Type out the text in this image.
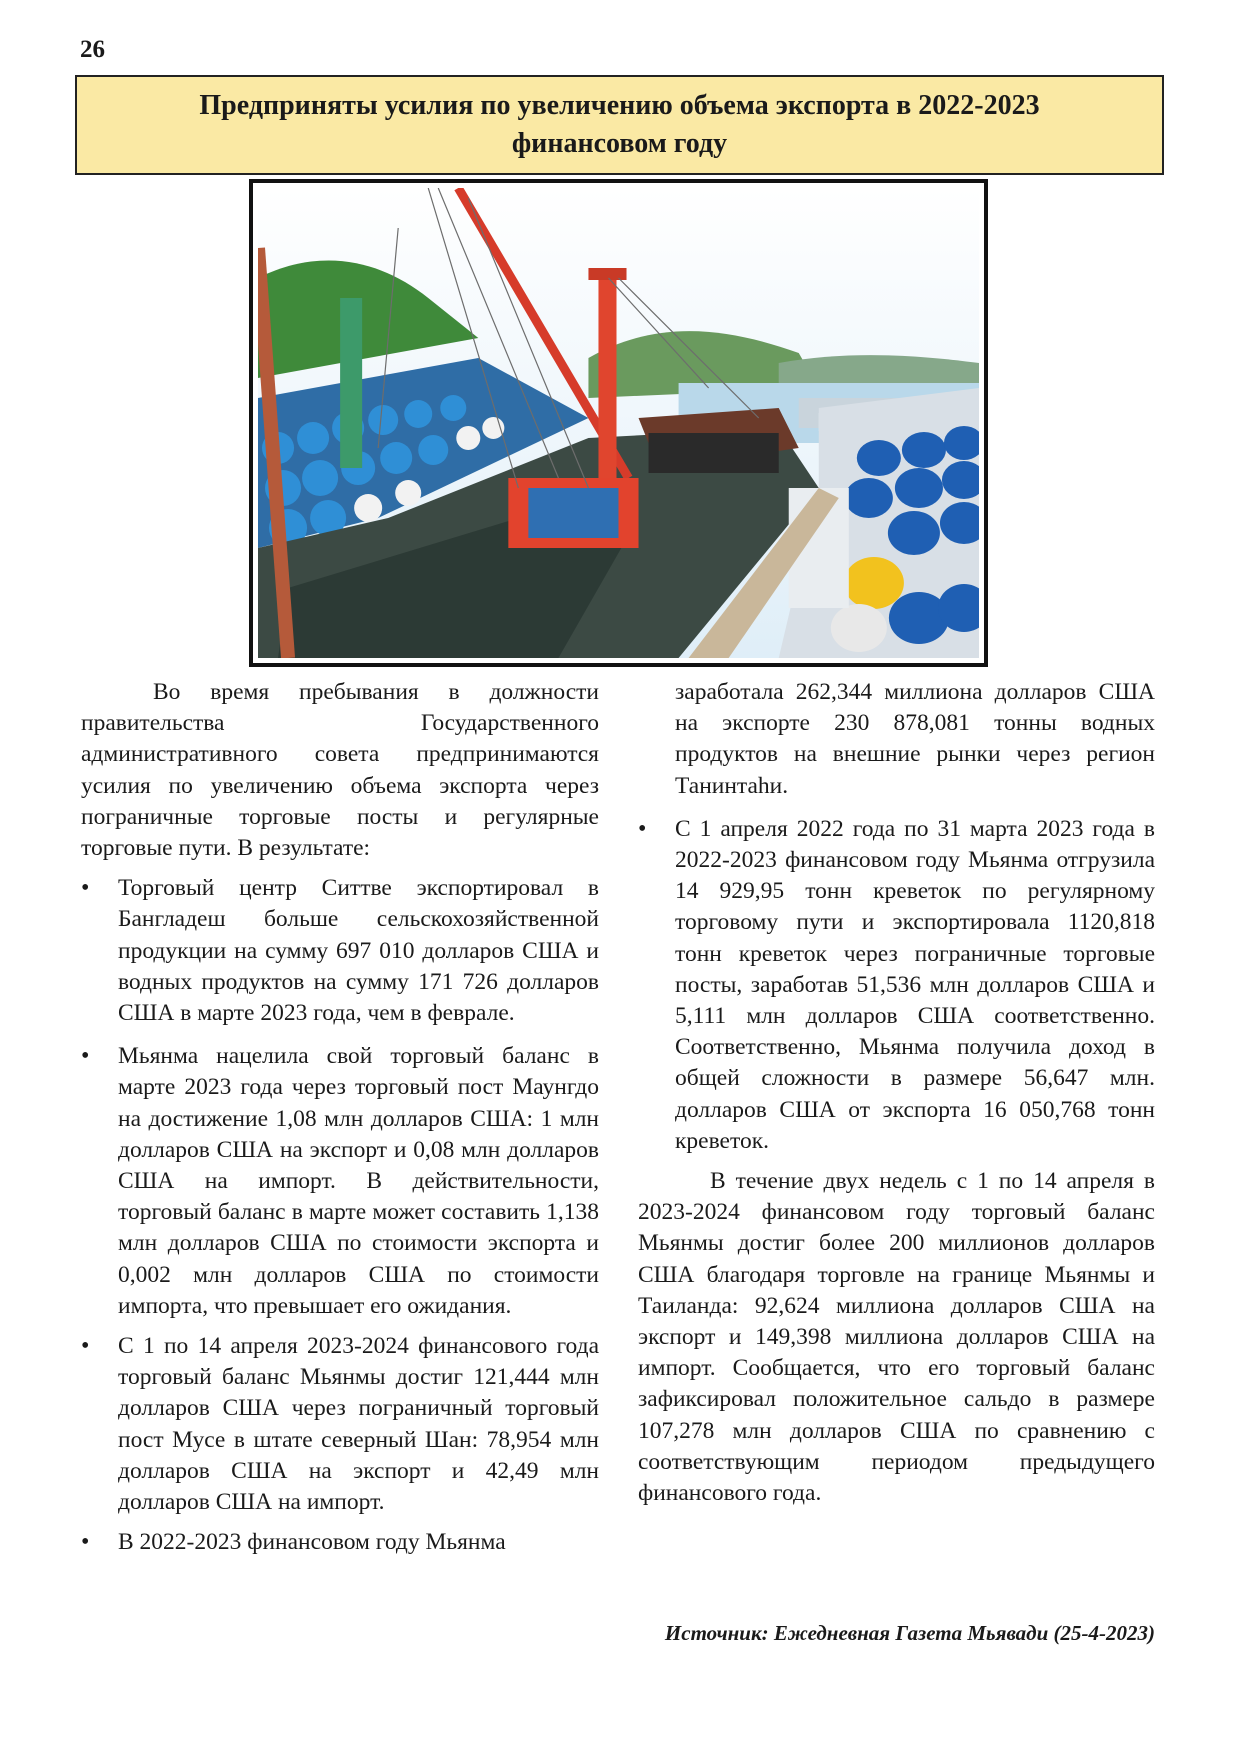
26
Предприняты усилия по увеличению объема экспорта в 2022-2023 финансовом году

Во время пребывания в должности правительства Государственного административного совета предпринимаются усилия по увеличению объема экспорта через пограничные торговые посты и регулярные торговые пути. В результате:

• Торговый центр Ситтве экспортировал в Бангладеш больше сельскохозяйственной продукции на сумму 697 010 долларов США и водных продуктов на сумму 171 726 долларов США в марте 2023 года, чем в феврале.
• Мьянма нацелила свой торговый баланс в марте 2023 года через торговый пост Маунгдо на достижение 1,08 млн долларов США: 1 млн долларов США на экспорт и 0,08 млн долларов США на импорт. В действительности, торговый баланс в марте может составить 1,138 млн долларов США по стоимости экспорта и 0,002 млн долларов США по стоимости импорта, что превышает его ожидания.
• С 1 по 14 апреля 2023-2024 финансового года торговый баланс Мьянмы достиг 121,444 млн долларов США через пограничный торговый пост Мусе в штате северный Шан: 78,954 млн долларов США на экспорт и 42,49 млн долларов США на импорт.
• В 2022-2023 финансовом году Мьянма

заработала 262,344 миллиона долларов США на экспорте 230 878,081 тонны водных продуктов на внешние рынки через регион Танинтаhи.

• С 1 апреля 2022 года по 31 марта 2023 года в 2022-2023 финансовом году Мьянма отгрузила 14 929,95 тонн креветок по регулярному торговому пути и экспортировала 1120,818 тонн креветок через пограничные торговые посты, заработав 51,536 млн долларов США и 5,111 млн долларов США соответственно. Соответственно, Мьянма получила доход в общей сложности в размере 56,647 млн. долларов США от экспорта 16 050,768 тонн креветок.

В течение двух недель с 1 по 14 апреля в 2023-2024 финансовом году торговый баланс Мьянмы достиг более 200 миллионов долларов США благодаря торговле на границе Мьянмы и Таиланда: 92,624 миллиона долларов США на экспорт и 149,398 миллиона долларов США на импорт. Сообщается, что его торговый баланс зафиксировал положительное сальдо в размере 107,278 млн долларов США по сравнению с соответствующим периодом предыдущего финансового года.

Источник: Ежедневная Газета Мьявади (25-4-2023)
